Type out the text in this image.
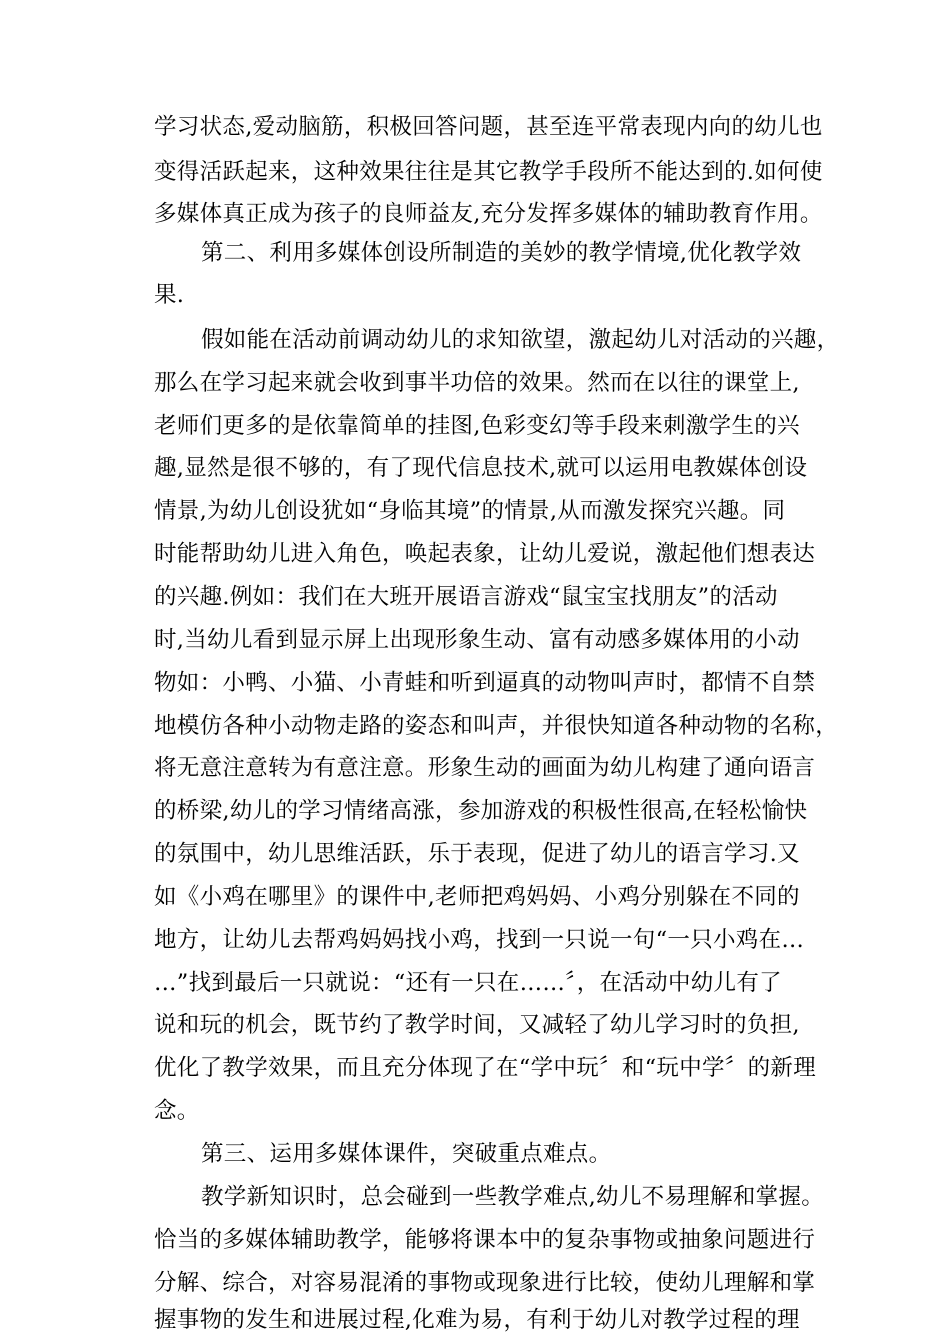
学习状态,爱动脑筋，积极回答问题，甚至连平常表现内向的幼儿也
变得活跃起来，这种效果往往是其它教学手段所不能达到的.如何使
多媒体真正成为孩子的良师益友,充分发挥多媒体的辅助教育作用。
第二、利用多媒体创设所制造的美妙的教学情境,优化教学效
果.
假如能在活动前调动幼儿的求知欲望，激起幼儿对活动的兴趣，
那么在学习起来就会收到事半功倍的效果。然而在以往的课堂上,
老师们更多的是依靠简单的挂图,色彩变幻等手段来刺激学生的兴
趣,显然是很不够的，有了现代信息技术,就可以运用电教媒体创设
情景,为幼儿创设犹如“身临其境”的情景,从而激发探究兴趣。同
时能帮助幼儿进入角色，唤起表象，让幼儿爱说，激起他们想表达
的兴趣.例如：我们在大班开展语言游戏“鼠宝宝找朋友”的活动
时,当幼儿看到显示屏上出现形象生动、富有动感多媒体用的小动
物如：小鸭、小猫、小青蛙和听到逼真的动物叫声时，都情不自禁
地模仿各种小动物走路的姿态和叫声，并很快知道各种动物的名称，
将无意注意转为有意注意。形象生动的画面为幼儿构建了通向语言
的桥梁,幼儿的学习情绪高涨，参加游戏的积极性很高,在轻松愉快
的氛围中，幼儿思维活跃，乐于表现，促进了幼儿的语言学习.又
如《小鸡在哪里》的课件中,老师把鸡妈妈、小鸡分别躲在不同的
地方，让幼儿去帮鸡妈妈找小鸡，找到一只说一句“一只小鸡在…
…”找到最后一只就说：“还有一只在……〞，在活动中幼儿有了
说和玩的机会，既节约了教学时间，又减轻了幼儿学习时的负担,
优化了教学效果，而且充分体现了在“学中玩〞和“玩中学〞的新理
念。
第三、运用多媒体课件，突破重点难点。
教学新知识时，总会碰到一些教学难点,幼儿不易理解和掌握。
恰当的多媒体辅助教学，能够将课本中的复杂事物或抽象问题进行
分解、综合，对容易混淆的事物或现象进行比较，使幼儿理解和掌
握事物的发生和进展过程,化难为易，有利于幼儿对教学过程的理
